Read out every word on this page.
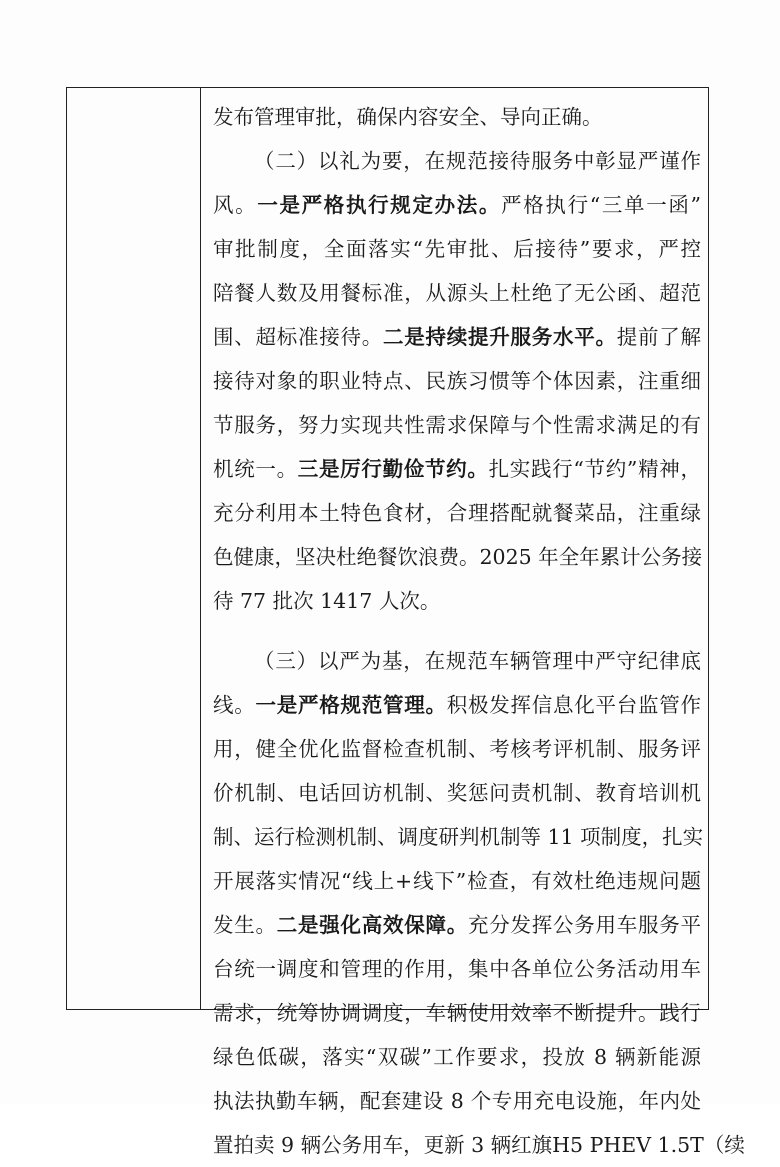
发布管理审批，确保内容安全、导向正确。
（二）以礼为要，在规范接待服务中彰显严谨作
风。一是严格执行规定办法。严格执行“三单一函”
审批制度，全面落实“先审批、后接待”要求，严控
陪餐人数及用餐标准，从源头上杜绝了无公函、超范
围、超标准接待。二是持续提升服务水平。提前了解
接待对象的职业特点、民族习惯等个体因素，注重细
节服务，努力实现共性需求保障与个性需求满足的有
机统一。三是厉行勤俭节约。扎实践行“节约”精神，
充分利用本土特色食材，合理搭配就餐菜品，注重绿
色健康，坚决杜绝餐饮浪费。2025 年全年累计公务接
待 77 批次 1417 人次。
（三）以严为基，在规范车辆管理中严守纪律底
线。一是严格规范管理。积极发挥信息化平台监管作
用，健全优化监督检查机制、考核考评机制、服务评
价机制、电话回访机制、奖惩问责机制、教育培训机
制、运行检测机制、调度研判机制等 11 项制度，扎实
开展落实情况“线上+线下”检查，有效杜绝违规问题
发生。二是强化高效保障。充分发挥公务用车服务平
台统一调度和管理的作用，集中各单位公务活动用车
需求，统筹协调调度，车辆使用效率不断提升。践行
绿色低碳，落实“双碳”工作要求，投放 8 辆新能源
执法执勤车辆，配套建设 8 个专用充电设施，年内处
置拍卖 9 辆公务用车，更新 3 辆红旗H5 PHEV 1.5T（续
